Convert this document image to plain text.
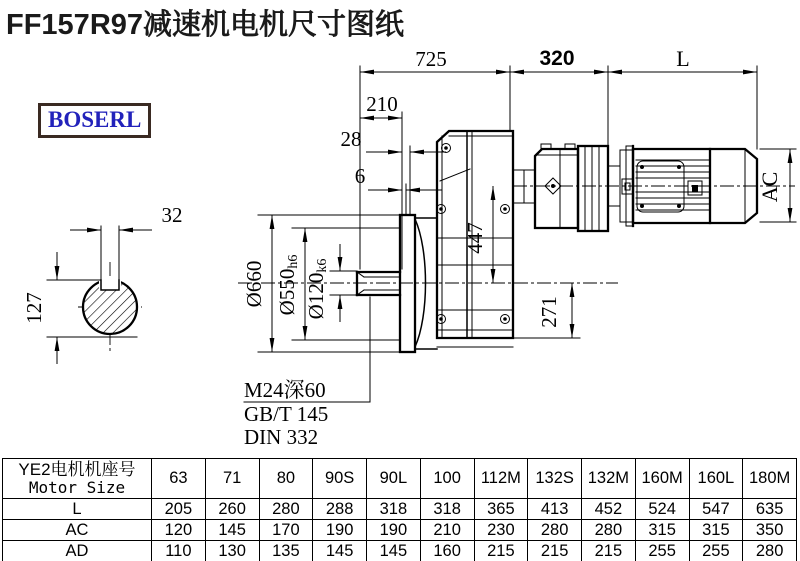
FF157R97减速机电机尺寸图纸
BOSERL
32
127
725	320	L
210
28
6
Ø660 Ø550h6
Ø120k6
447
271
AC
M24深60
GB/T 145
DIN 332
YE2电机机座号
Motor Size	63	71	80	90S	90L	100	112M	132S	132M	160M	160L	180M
L	205	260	280	288	318	318	365	413	452	524	547	635
AC	120	145	170	190	190	210	230	280	280	315	315	350
AD	110	130	135	145	145	160	215	215	215	255	255	280
